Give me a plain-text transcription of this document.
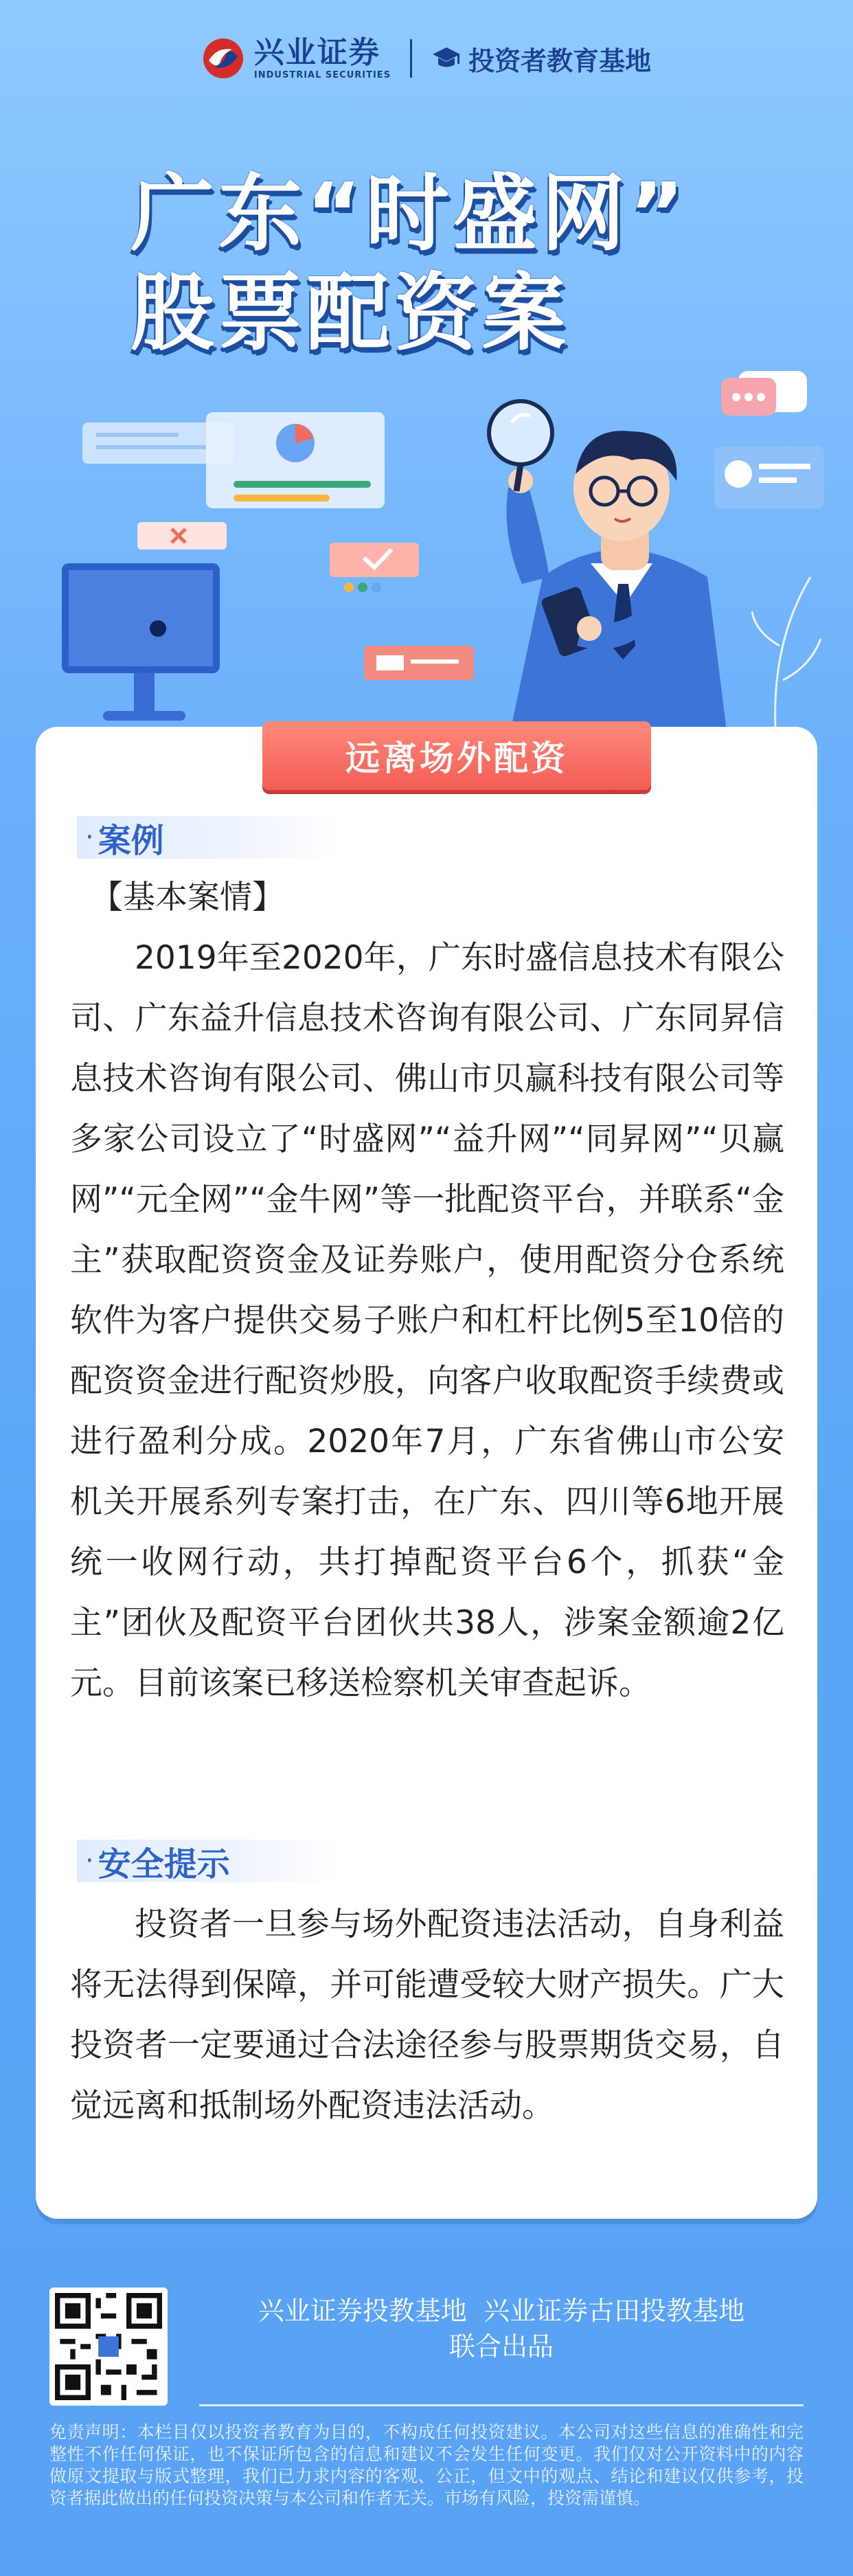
兴业证券
INDUSTRIAL SECURITIES	投资者教育基地
广东“时盛网”
股票配资案
远离场外配资
· 案例

【基本案情】

2019年至2020年，广东时盛信息技术有限公司、广东益升信息技术咨询有限公司、广东同昇信息技术咨询有限公司、佛山市贝赢科技有限公司等多家公司设立了“时盛网”“益升网”“同昇网”“贝赢网”“元全网”“金牛网”等一批配资平台，并联系“金主”获取配资资金及证券账户，使用配资分仓系统软件为客户提供交易子账户和杠杆比例5至10倍的配资资金进行配资炒股，向客户收取配资手续费或进行盈利分成。2020年7月，广东省佛山市公安机关开展系列专案打击，在广东、四川等6地开展统一收网行动，共打掉配资平台6个，抓获“金主”团伙及配资平台团伙共38人，涉案金额逾2亿元。目前该案已移送检察机关审查起诉。

· 安全提示

投资者一旦参与场外配资违法活动，自身利益将无法得到保障，并可能遭受较大财产损失。广大投资者一定要通过合法途径参与股票期货交易，自觉远离和抵制场外配资违法活动。

兴业证券投教基地  兴业证券古田投教基地
联合出品
免责声明：本栏目仅以投资者教育为目的，不构成任何投资建议。本公司对这些信息的准确性和完整性不作任何保证，也不保证所包含的信息和建议不会发生任何变更。我们仅对公开资料中的内容做原文提取与版式整理，我们已力求内容的客观、公正，但文中的观点、结论和建议仅供参考，投资者据此做出的任何投资决策与本公司和作者无关。市场有风险，投资需谨慎。
